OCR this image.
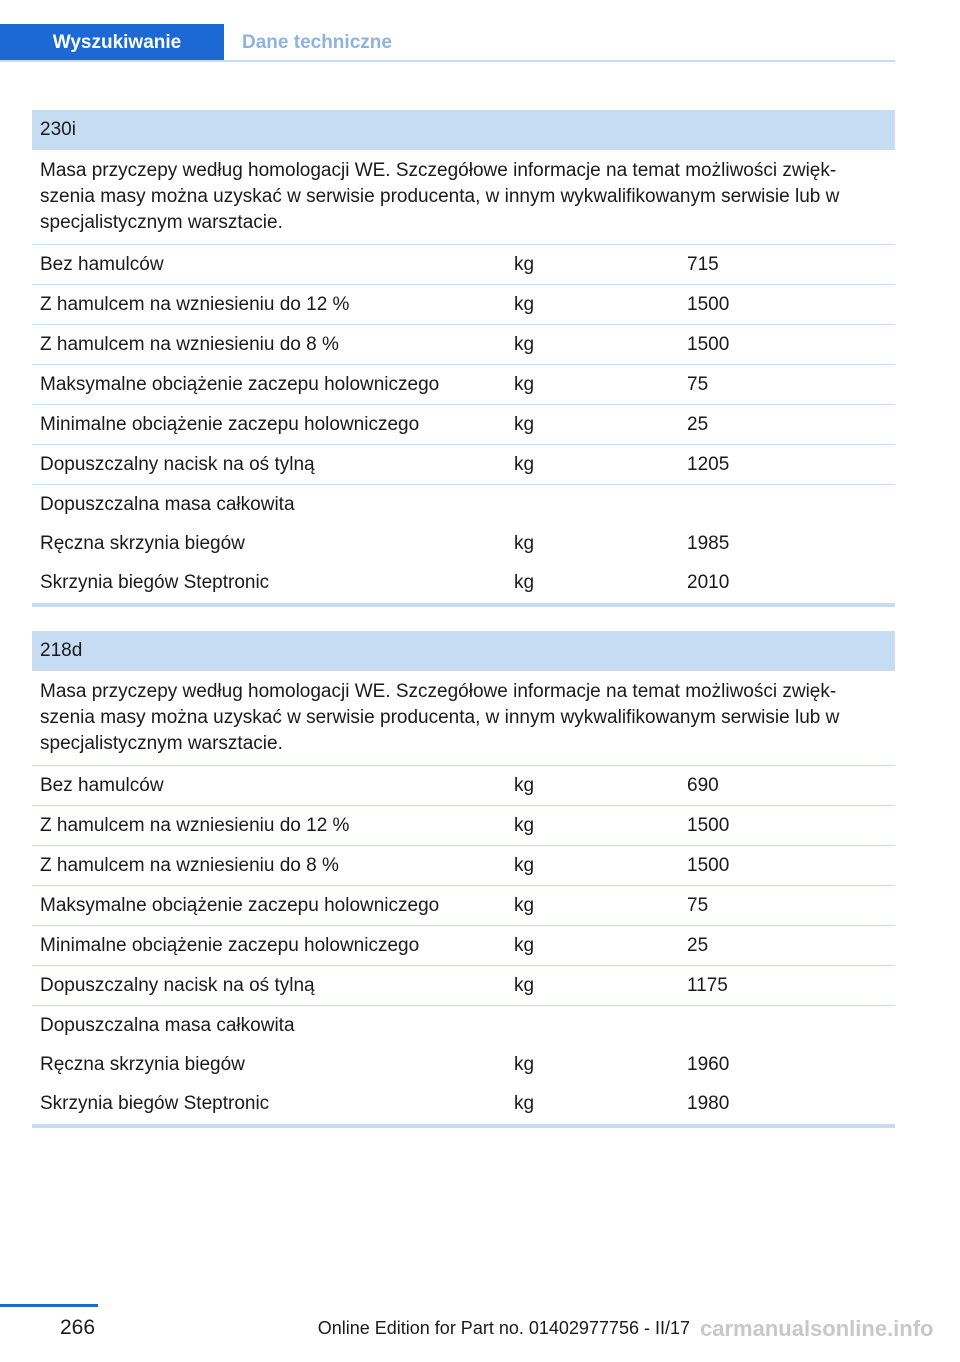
Wyszukiwanie	Dane techniczne
230i
Masa przyczepy według homologacji WE. Szczegółowe informacje na temat możliwości zwięk-szenia masy można uzyskać w serwisie producenta, w innym wykwalifikowanym serwisie lub w specjalistycznym warsztacie.
Bez hamulców	kg	715
Z hamulcem na wzniesieniu do 12 %	kg	1500
Z hamulcem na wzniesieniu do 8 %	kg	1500
Maksymalne obciążenie zaczepu holowniczego	kg	75
Minimalne obciążenie zaczepu holowniczego	kg	25
Dopuszczalny nacisk na oś tylną	kg	1205
Dopuszczalna masa całkowita
Ręczna skrzynia biegów	kg	1985
Skrzynia biegów Steptronic	kg	2010
218d
Masa przyczepy według homologacji WE. Szczegółowe informacje na temat możliwości zwięk-szenia masy można uzyskać w serwisie producenta, w innym wykwalifikowanym serwisie lub w specjalistycznym warsztacie.
Bez hamulców	kg	690
Z hamulcem na wzniesieniu do 12 %	kg	1500
Z hamulcem na wzniesieniu do 8 %	kg	1500
Maksymalne obciążenie zaczepu holowniczego	kg	75
Minimalne obciążenie zaczepu holowniczego	kg	25
Dopuszczalny nacisk na oś tylną	kg	1175
Dopuszczalna masa całkowita
Ręczna skrzynia biegów	kg	1960
Skrzynia biegów Steptronic	kg	1980
266	Online Edition for Part no. 01402977756 - II/17 carmanualsonline.info
